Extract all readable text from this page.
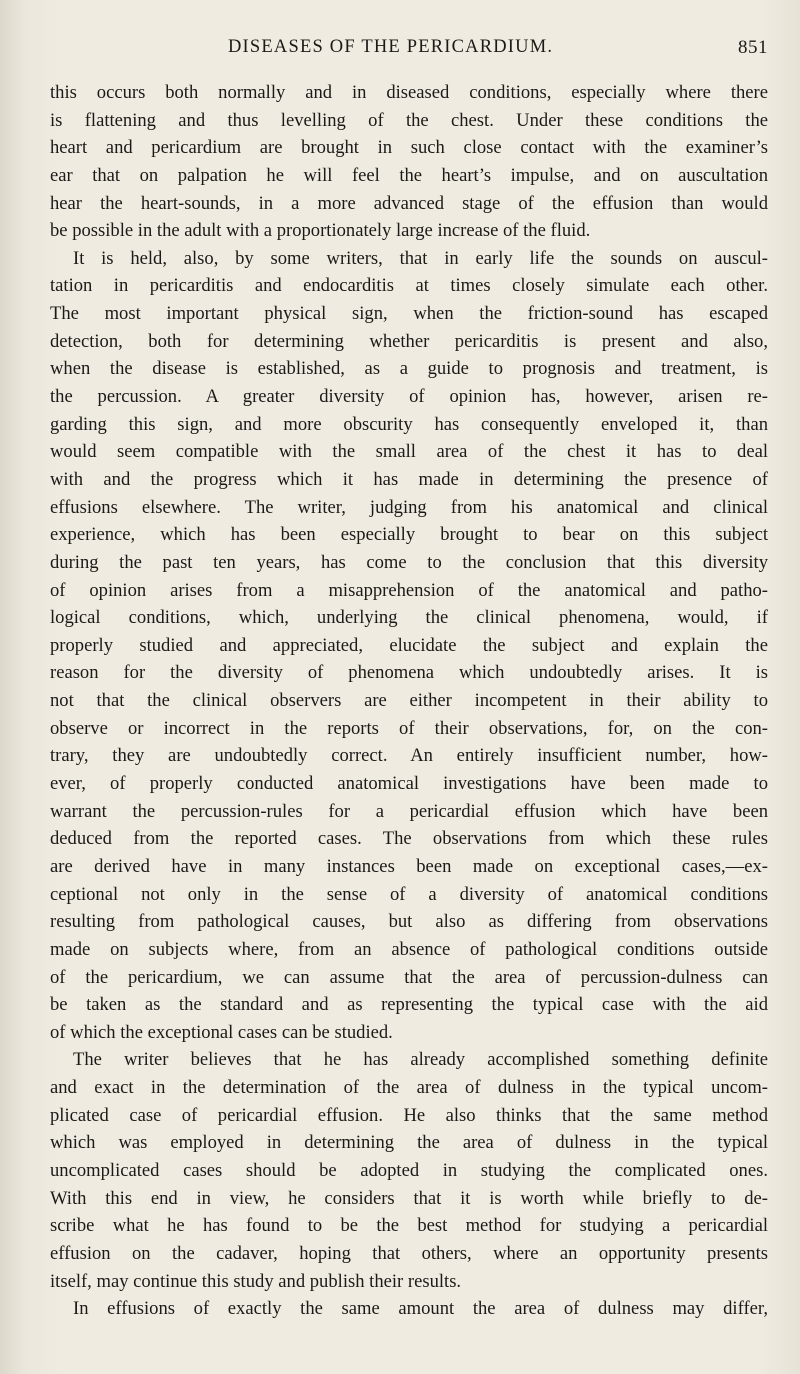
DISEASES OF THE PERICARDIUM.	851
this occurs both normally and in diseased conditions, especially where there
is flattening and thus levelling of the chest. Under these conditions the
heart and pericardium are brought in such close contact with the examiner’s
ear that on palpation he will feel the heart’s impulse, and on auscultation
hear the heart-sounds, in a more advanced stage of the effusion than would
be possible in the adult with a proportionately large increase of the fluid.
It is held, also, by some writers, that in early life the sounds on auscul-
tation in pericarditis and endocarditis at times closely simulate each other.
The most important physical sign, when the friction-sound has escaped
detection, both for determining whether pericarditis is present and also,
when the disease is established, as a guide to prognosis and treatment, is
the percussion. A greater diversity of opinion has, however, arisen re-
garding this sign, and more obscurity has consequently enveloped it, than
would seem compatible with the small area of the chest it has to deal
with and the progress which it has made in determining the presence of
effusions elsewhere. The writer, judging from his anatomical and clinical
experience, which has been especially brought to bear on this subject
during the past ten years, has come to the conclusion that this diversity
of opinion arises from a misapprehension of the anatomical and patho-
logical conditions, which, underlying the clinical phenomena, would, if
properly studied and appreciated, elucidate the subject and explain the
reason for the diversity of phenomena which undoubtedly arises. It is
not that the clinical observers are either incompetent in their ability to
observe or incorrect in the reports of their observations, for, on the con-
trary, they are undoubtedly correct. An entirely insufficient number, how-
ever, of properly conducted anatomical investigations have been made to
warrant the percussion-rules for a pericardial effusion which have been
deduced from the reported cases. The observations from which these rules
are derived have in many instances been made on exceptional cases,—ex-
ceptional not only in the sense of a diversity of anatomical conditions
resulting from pathological causes, but also as differing from observations
made on subjects where, from an absence of pathological conditions outside
of the pericardium, we can assume that the area of percussion-dulness can
be taken as the standard and as representing the typical case with the aid
of which the exceptional cases can be studied.
The writer believes that he has already accomplished something definite
and exact in the determination of the area of dulness in the typical uncom-
plicated case of pericardial effusion. He also thinks that the same method
which was employed in determining the area of dulness in the typical
uncomplicated cases should be adopted in studying the complicated ones.
With this end in view, he considers that it is worth while briefly to de-
scribe what he has found to be the best method for studying a pericardial
effusion on the cadaver, hoping that others, where an opportunity presents
itself, may continue this study and publish their results.
In effusions of exactly the same amount the area of dulness may differ,
